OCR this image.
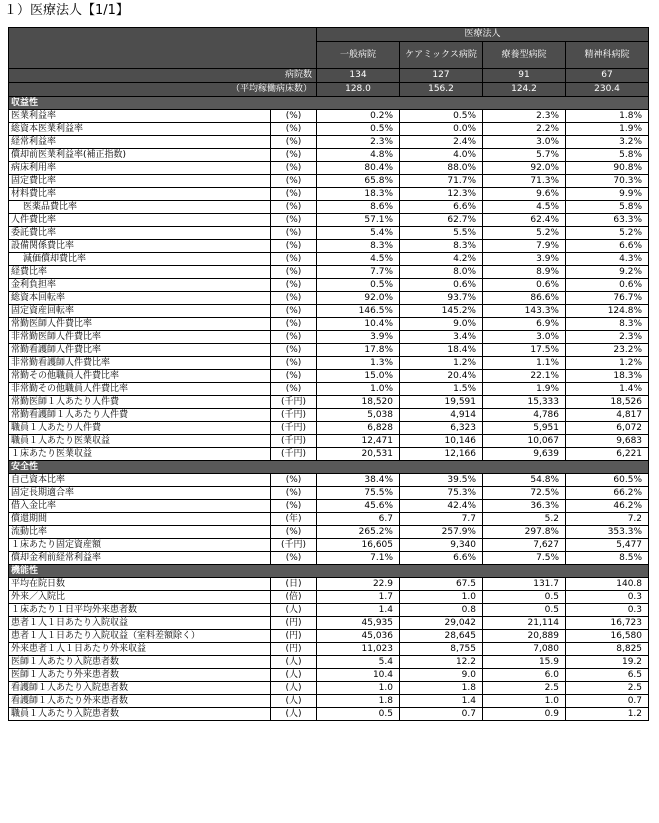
１）医療法人【1/1】
		医療法人			
		一般病院	ケアミックス病院	療養型病院	精神科病院
病院数		134	127	91	67
（平均稼働病床数）		128.0	156.2	124.2	230.4
収益性					
医業利益率	(%)	0.2%	0.5%	2.3%	1.8%
総資本医業利益率	(%)	0.5%	0.0%	2.2%	1.9%
経常利益率	(%)	2.3%	2.4%	3.0%	3.2%
償却前医業利益率(補正指数)	(%)	4.8%	4.0%	5.7%	5.8%
病床利用率	(%)	80.4%	88.0%	92.0%	90.8%
固定費比率	(%)	65.8%	71.7%	71.3%	70.3%
材料費比率	(%)	18.3%	12.3%	9.6%	9.9%
医薬品費比率	(%)	8.6%	6.6%	4.5%	5.8%
人件費比率	(%)	57.1%	62.7%	62.4%	63.3%
委託費比率	(%)	5.4%	5.5%	5.2%	5.2%
設備関係費比率	(%)	8.3%	8.3%	7.9%	6.6%
減価償却費比率	(%)	4.5%	4.2%	3.9%	4.3%
経費比率	(%)	7.7%	8.0%	8.9%	9.2%
金利負担率	(%)	0.5%	0.6%	0.6%	0.6%
総資本回転率	(%)	92.0%	93.7%	86.6%	76.7%
固定資産回転率	(%)	146.5%	145.2%	143.3%	124.8%
常勤医師人件費比率	(%)	10.4%	9.0%	6.9%	8.3%
非常勤医師人件費比率	(%)	3.9%	3.4%	3.0%	2.3%
常勤看護師人件費比率	(%)	17.8%	18.4%	17.5%	23.2%
非常勤看護師人件費比率	(%)	1.3%	1.2%	1.1%	1.2%
常勤その他職員人件費比率	(%)	15.0%	20.4%	22.1%	18.3%
非常勤その他職員人件費比率	(%)	1.0%	1.5%	1.9%	1.4%
常勤医師１人あたり人件費	(千円)	18,520	19,591	15,333	18,526
常勤看護師１人あたり人件費	(千円)	5,038	4,914	4,786	4,817
職員１人あたり人件費	(千円)	6,828	6,323	5,951	6,072
職員１人あたり医業収益	(千円)	12,471	10,146	10,067	9,683
１床あたり医業収益	(千円)	20,531	12,166	9,639	6,221
安全性					
自己資本比率	(%)	38.4%	39.5%	54.8%	60.5%
固定長期適合率	(%)	75.5%	75.3%	72.5%	66.2%
借入金比率	(%)	45.6%	42.4%	36.3%	46.2%
償還期間	(年)	6.7	7.7	5.2	7.2
流動比率	(%)	265.2%	257.9%	297.8%	353.3%
１床あたり固定資産額	(千円)	16,605	9,340	7,627	5,477
償却金利前経常利益率	(%)	7.1%	6.6%	7.5%	8.5%
機能性					
平均在院日数	(日)	22.9	67.5	131.7	140.8
外来／入院比	(倍)	1.7	1.0	0.5	0.3
１床あたり１日平均外来患者数	(人)	1.4	0.8	0.5	0.3
患者１人１日あたり入院収益	(円)	45,935	29,042	21,114	16,723
患者１人１日あたり入院収益（室料差額除く）	(円)	45,036	28,645	20,889	16,580
外来患者１人１日あたり外来収益	(円)	11,023	8,755	7,080	8,825
医師１人あたり入院患者数	(人)	5.4	12.2	15.9	19.2
医師１人あたり外来患者数	(人)	10.4	9.0	6.0	6.5
看護師１人あたり入院患者数	(人)	1.0	1.8	2.5	2.5
看護師１人あたり外来患者数	(人)	1.8	1.4	1.0	0.7
職員１人あたり入院患者数	(人)	0.5	0.7	0.9	1.2
